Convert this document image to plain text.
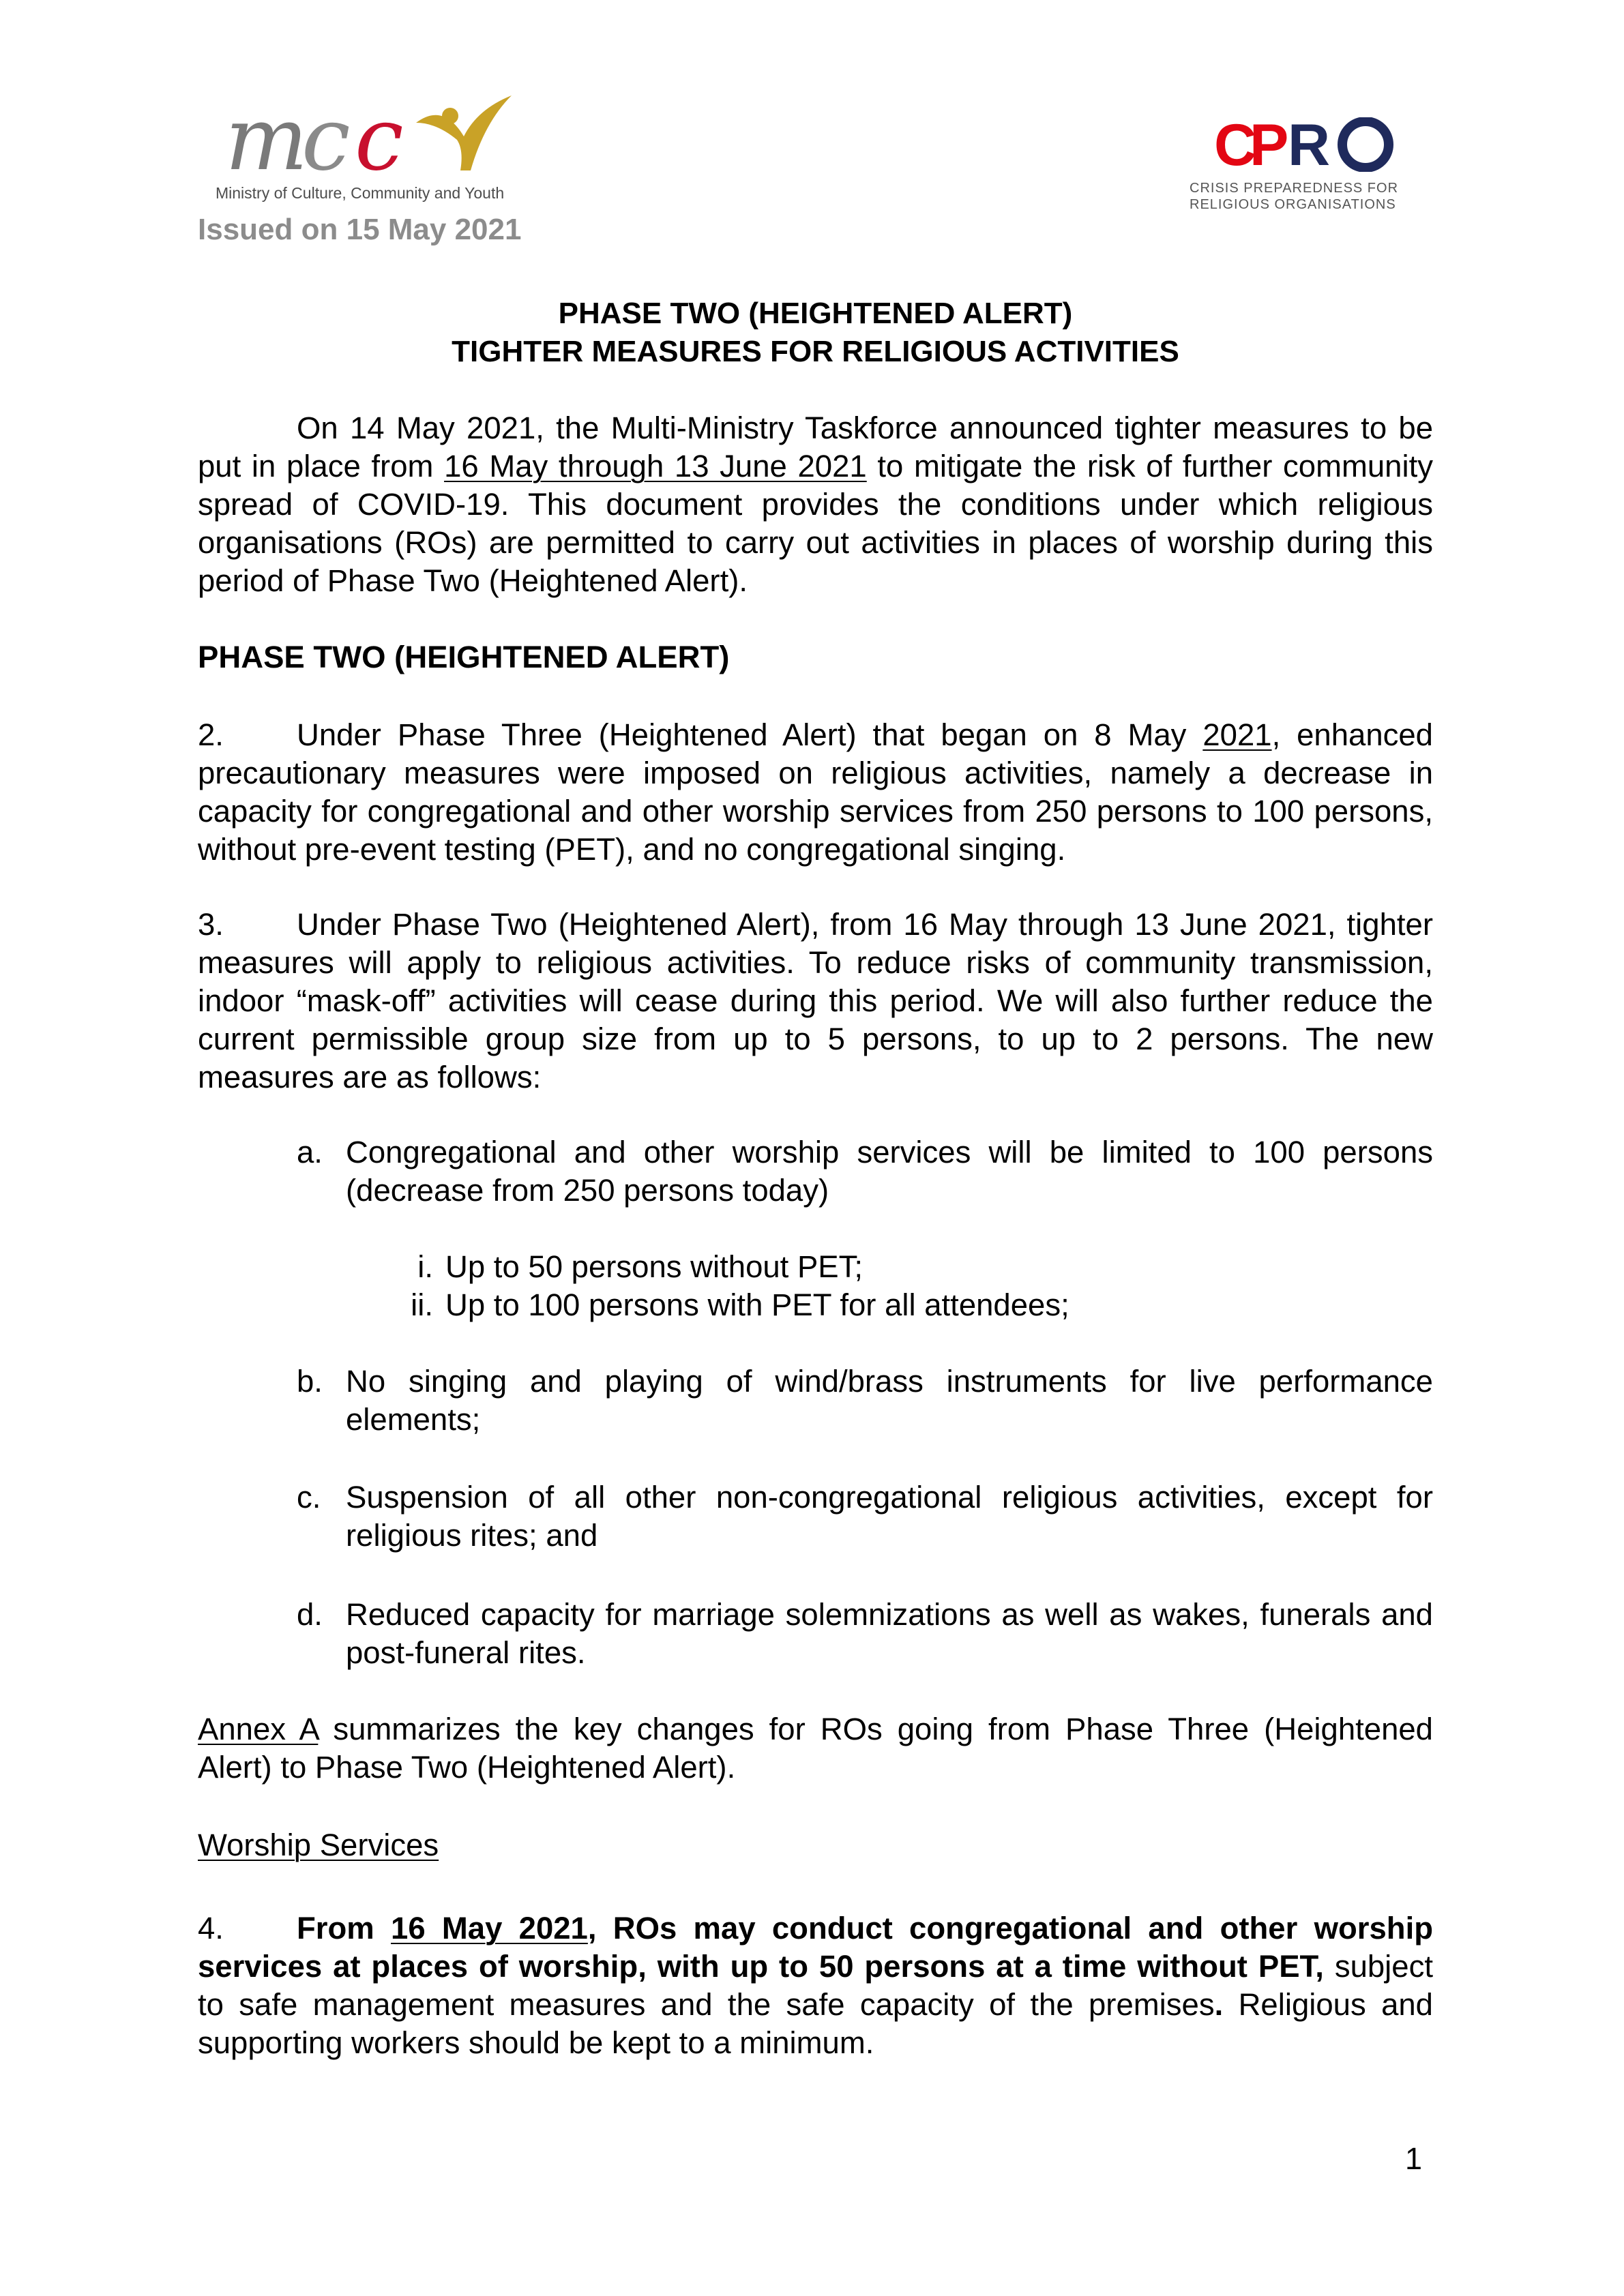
m
c c
Ministry of Culture, Community and Youth
Issued on 15 May 2021
C
P R
CRISIS PREPAREDNESS FOR
RELIGIOUS ORGANISATIONS
PHASE TWO (HEIGHTENED ALERT)
TIGHTER MEASURES FOR RELIGIOUS ACTIVITIES
On 14 May 2021, the Multi-Ministry Taskforce announced tighter measures to be put in place from 16 May through 13 June 2021 to mitigate the risk of further community spread of COVID-19. This document provides the conditions under which religious organisations (ROs) are permitted to carry out activities in places of worship during this period of Phase Two (Heightened Alert).
PHASE TWO (HEIGHTENED ALERT)
2. Under Phase Three (Heightened Alert) that began on 8 May 2021, enhanced precautionary measures were imposed on religious activities, namely a decrease in capacity for congregational and other worship services from 250 persons to 100 persons, without pre-event testing (PET), and no congregational singing.
3. Under Phase Two (Heightened Alert), from 16 May through 13 June 2021, tighter measures will apply to religious activities. To reduce risks of community transmission, indoor “mask-off” activities will cease during this period. We will also further reduce the current permissible group size from up to 5 persons, to up to 2 persons. The new measures are as follows:
a. Congregational and other worship services will be limited to 100 persons (decrease from 250 persons today)
i. Up to 50 persons without PET;
ii. Up to 100 persons with PET for all attendees;
b. No singing and playing of wind/brass instruments for live performance elements;
c. Suspension of all other non-congregational religious activities, except for religious rites; and
d. Reduced capacity for marriage solemnizations as well as wakes, funerals and post-funeral rites.
Annex A summarizes the key changes for ROs going from Phase Three (Heightened Alert) to Phase Two (Heightened Alert).
Worship Services
4. From 16 May 2021, ROs may conduct congregational and other worship services at places of worship, with up to 50 persons at a time without PET, subject to safe management measures and the safe capacity of the premises. Religious and supporting workers should be kept to a minimum.
1
